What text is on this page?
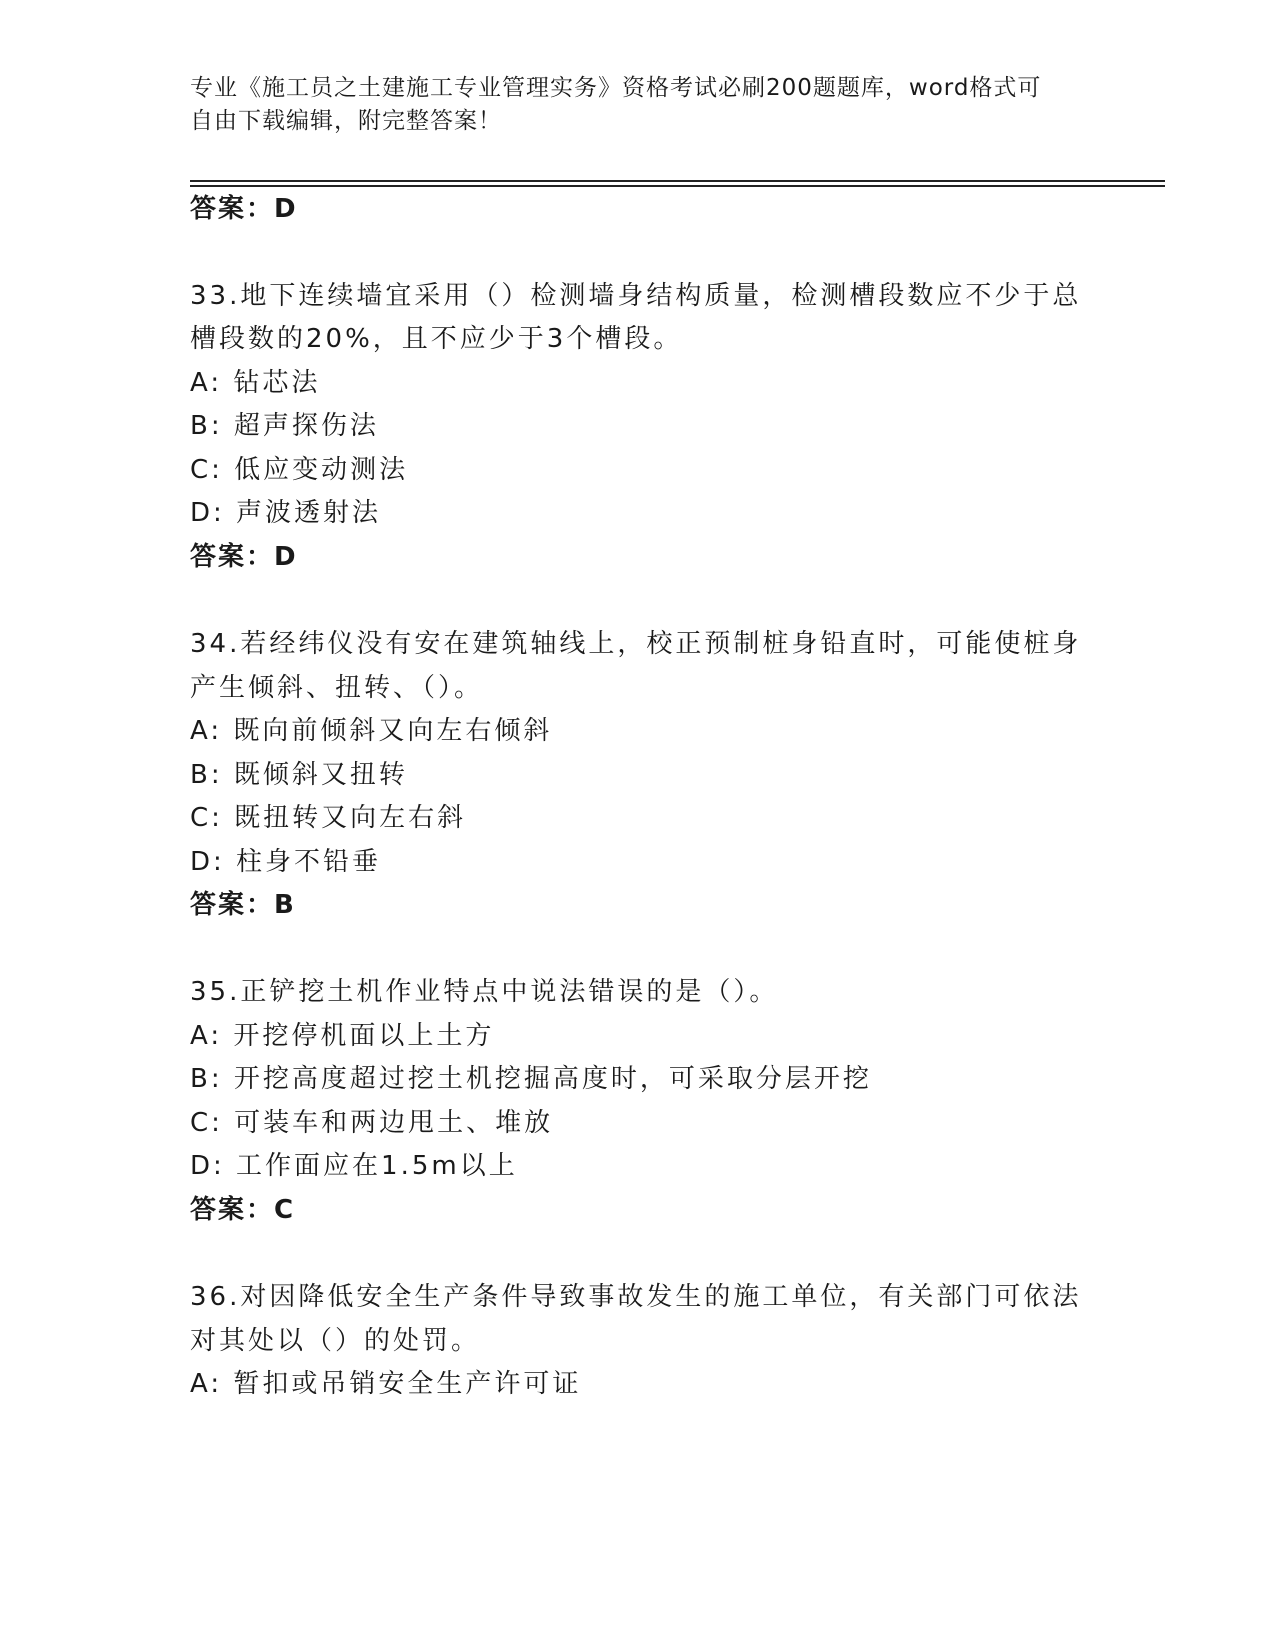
专业《施工员之土建施工专业管理实务》资格考试必刷200题题库，word格式可
自由下载编辑，附完整答案！
答案：D
33.地下连续墙宜采用（）检测墙身结构质量，检测槽段数应不少于总
槽段数的20%，且不应少于3个槽段。
A: 钻芯法
B: 超声探伤法
C: 低应变动测法
D: 声波透射法
答案：D
34.若经纬仪没有安在建筑轴线上，校正预制桩身铅直时，可能使桩身
产生倾斜、扭转、（）。
A: 既向前倾斜又向左右倾斜
B: 既倾斜又扭转
C: 既扭转又向左右斜
D: 柱身不铅垂
答案：B
35.正铲挖土机作业特点中说法错误的是（）。
A: 开挖停机面以上土方
B: 开挖高度超过挖土机挖掘高度时，可采取分层开挖
C: 可装车和两边甩土、堆放
D: 工作面应在1.5m以上
答案：C
36.对因降低安全生产条件导致事故发生的施工单位，有关部门可依法
对其处以（）的处罚。
A: 暂扣或吊销安全生产许可证
